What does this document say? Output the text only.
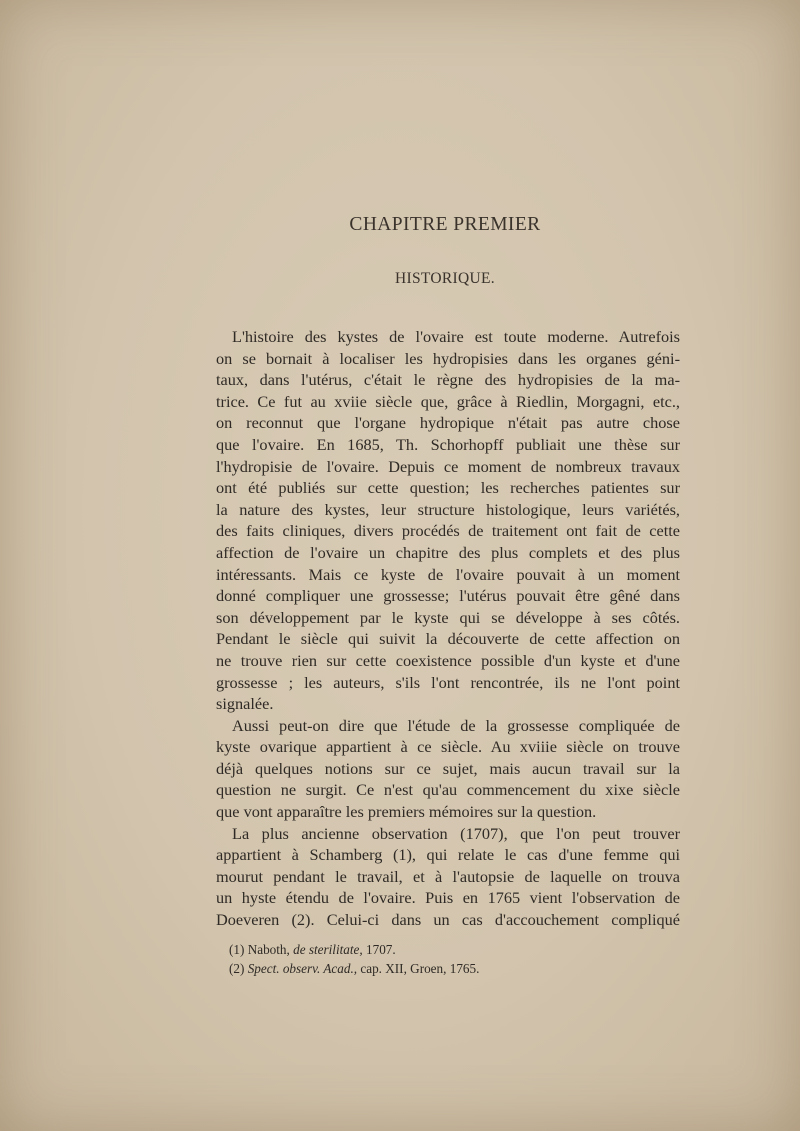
CHAPITRE PREMIER
HISTORIQUE.
L'histoire des kystes de l'ovaire est toute moderne. Autrefois
on se bornait à localiser les hydropisies dans les organes géni-
taux, dans l'utérus, c'était le règne des hydropisies de la ma-
trice. Ce fut au xviie siècle que, grâce à Riedlin, Morgagni, etc.,
on reconnut que l'organe hydropique n'était pas autre chose
que l'ovaire. En 1685, Th. Schorhopff publiait une thèse sur
l'hydropisie de l'ovaire. Depuis ce moment de nombreux travaux
ont été publiés sur cette question; les recherches patientes sur
la nature des kystes, leur structure histologique, leurs variétés,
des faits cliniques, divers procédés de traitement ont fait de cette
affection de l'ovaire un chapitre des plus complets et des plus
intéressants. Mais ce kyste de l'ovaire pouvait à un moment
donné compliquer une grossesse; l'utérus pouvait être gêné dans
son développement par le kyste qui se développe à ses côtés.
Pendant le siècle qui suivit la découverte de cette affection on
ne trouve rien sur cette coexistence possible d'un kyste et d'une
grossesse ; les auteurs, s'ils l'ont rencontrée, ils ne l'ont point
signalée.
Aussi peut-on dire que l'étude de la grossesse compliquée de
kyste ovarique appartient à ce siècle. Au xviiie siècle on trouve
déjà quelques notions sur ce sujet, mais aucun travail sur la
question ne surgit. Ce n'est qu'au commencement du xixe siècle
que vont apparaître les premiers mémoires sur la question.
La plus ancienne observation (1707), que l'on peut trouver
appartient à Schamberg (1), qui relate le cas d'une femme qui
mourut pendant le travail, et à l'autopsie de laquelle on trouva
un hyste étendu de l'ovaire. Puis en 1765 vient l'observation de
Doeveren (2). Celui-ci dans un cas d'accouchement compliqué
(1) Naboth, de sterilitate, 1707.
(2) Spect. observ. Acad., cap. XII, Groen, 1765.
